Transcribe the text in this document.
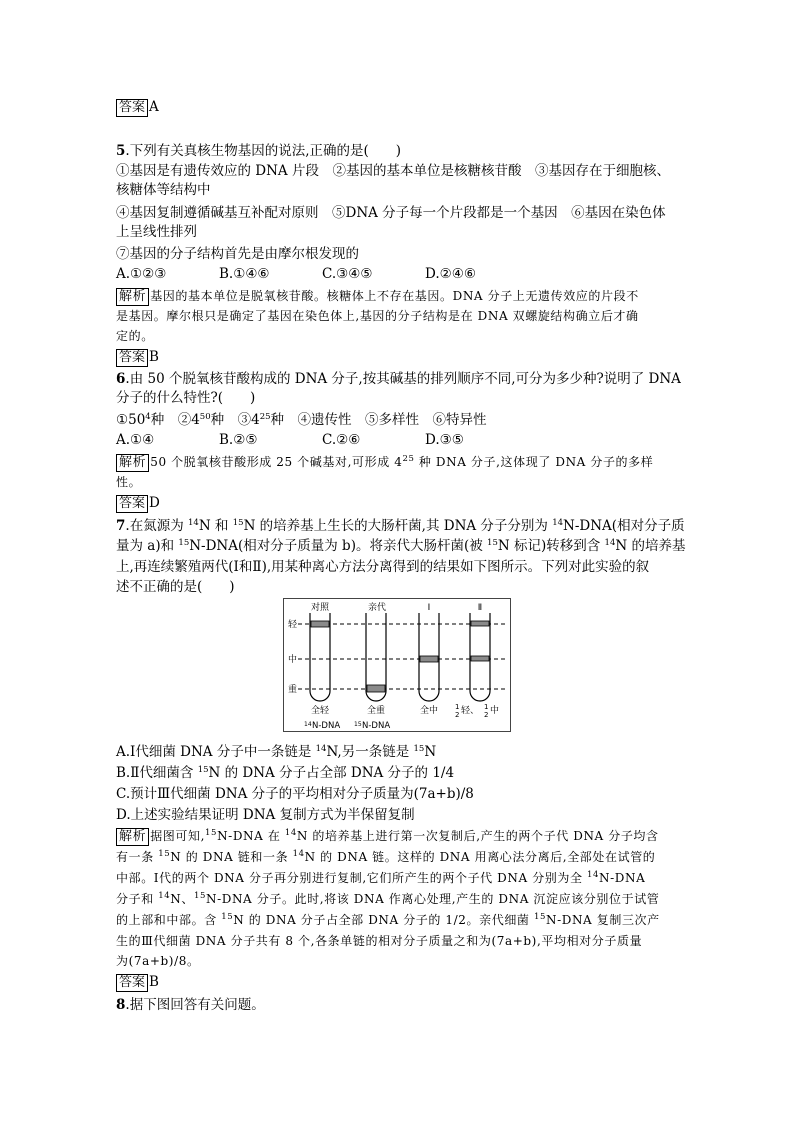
答案 A
5.下列有关真核生物基因的说法,正确的是(　　)
①基因是有遗传效应的 DNA 片段　②基因的基本单位是核糖核苷酸　③基因存在于细胞核、
核糖体等结构中
④基因复制遵循碱基互补配对原则　⑤DNA 分子每一个片段都是一个基因　⑥基因在染色体
上呈线性排列
⑦基因的分子结构首先是由摩尔根发现的
A.①②③	B.①④⑥	C.③④⑤	D.②④⑥
解析 基因的基本单位是脱氧核苷酸。核糖体上不存在基因。DNA 分子上无遗传效应的片段不
是基因。摩尔根只是确定了基因在染色体上,基因的分子结构是在 DNA 双螺旋结构确立后才确
定的。
答案 B
6.由 50 个脱氧核苷酸构成的 DNA 分子,按其碱基的排列顺序不同,可分为多少种?说明了 DNA
分子的什么特性?(　　)
$①50^4$种　$②4^{50}$种　$③4^{25}$种　④遗传性　⑤多样性　⑥特异性
A.①④	B.②⑤	C.②⑥	D.③⑤
解析 50 个脱氧核苷酸形成 25 个碱基对,可形成 $4^{25}$ 种 DNA 分子,这体现了 DNA 分子的多样
性。
答案 D
7.在氮源为 $^{14}$N 和 $^{15}$N 的培养基上生长的大肠杆菌,其 DNA 分子分别为 $^{14}$N-DNA(相对分子质
量为 a)和 $^{15}$N-DNA(相对分子质量为 b)。将亲代大肠杆菌(被 $^{15}$N 标记)转移到含 $^{14}$N 的培养基
上,再连续繁殖两代(Ⅰ和Ⅱ),用某种离心方法分离得到的结果如下图所示。下列对此实验的叙
述不正确的是(　　)
对照	亲代	Ⅰ	Ⅱ
轻
中
重
全轻	全重	全中 1
2 轻、 1
2 中
14 N-DNA 15 N-DNA
A.Ⅰ代细菌 DNA 分子中一条链是 $^{14}$N,另一条链是 $^{15}$N
B.Ⅱ代细菌含 $^{15}$N 的 DNA 分子占全部 DNA 分子的 1/4
C.预计Ⅲ代细菌 DNA 分子的平均相对分子质量为(7a+b)/8
D.上述实验结果证明 DNA 复制方式为半保留复制
解析 据图可知,$^{15}$N-DNA 在 $^{14}$N 的培养基上进行第一次复制后,产生的两个子代 DNA 分子均含
有一条 $^{15}$N 的 DNA 链和一条 $^{14}$N 的 DNA 链。这样的 DNA 用离心法分离后,全部处在试管的
中部。Ⅰ代的两个 DNA 分子再分别进行复制,它们所产生的两个子代 DNA 分别为全 $^{14}$N-DNA
分子和 $^{14}$N、$^{15}$N-DNA 分子。此时,将该 DNA 作离心处理,产生的 DNA 沉淀应该分别位于试管
的上部和中部。含 $^{15}$N 的 DNA 分子占全部 DNA 分子的 1/2。亲代细菌 $^{15}$N-DNA 复制三次产
生的Ⅲ代细菌 DNA 分子共有 8 个,各条单链的相对分子质量之和为(7a+b),平均相对分子质量
为(7a+b)/8。
答案 B
8.据下图回答有关问题。
